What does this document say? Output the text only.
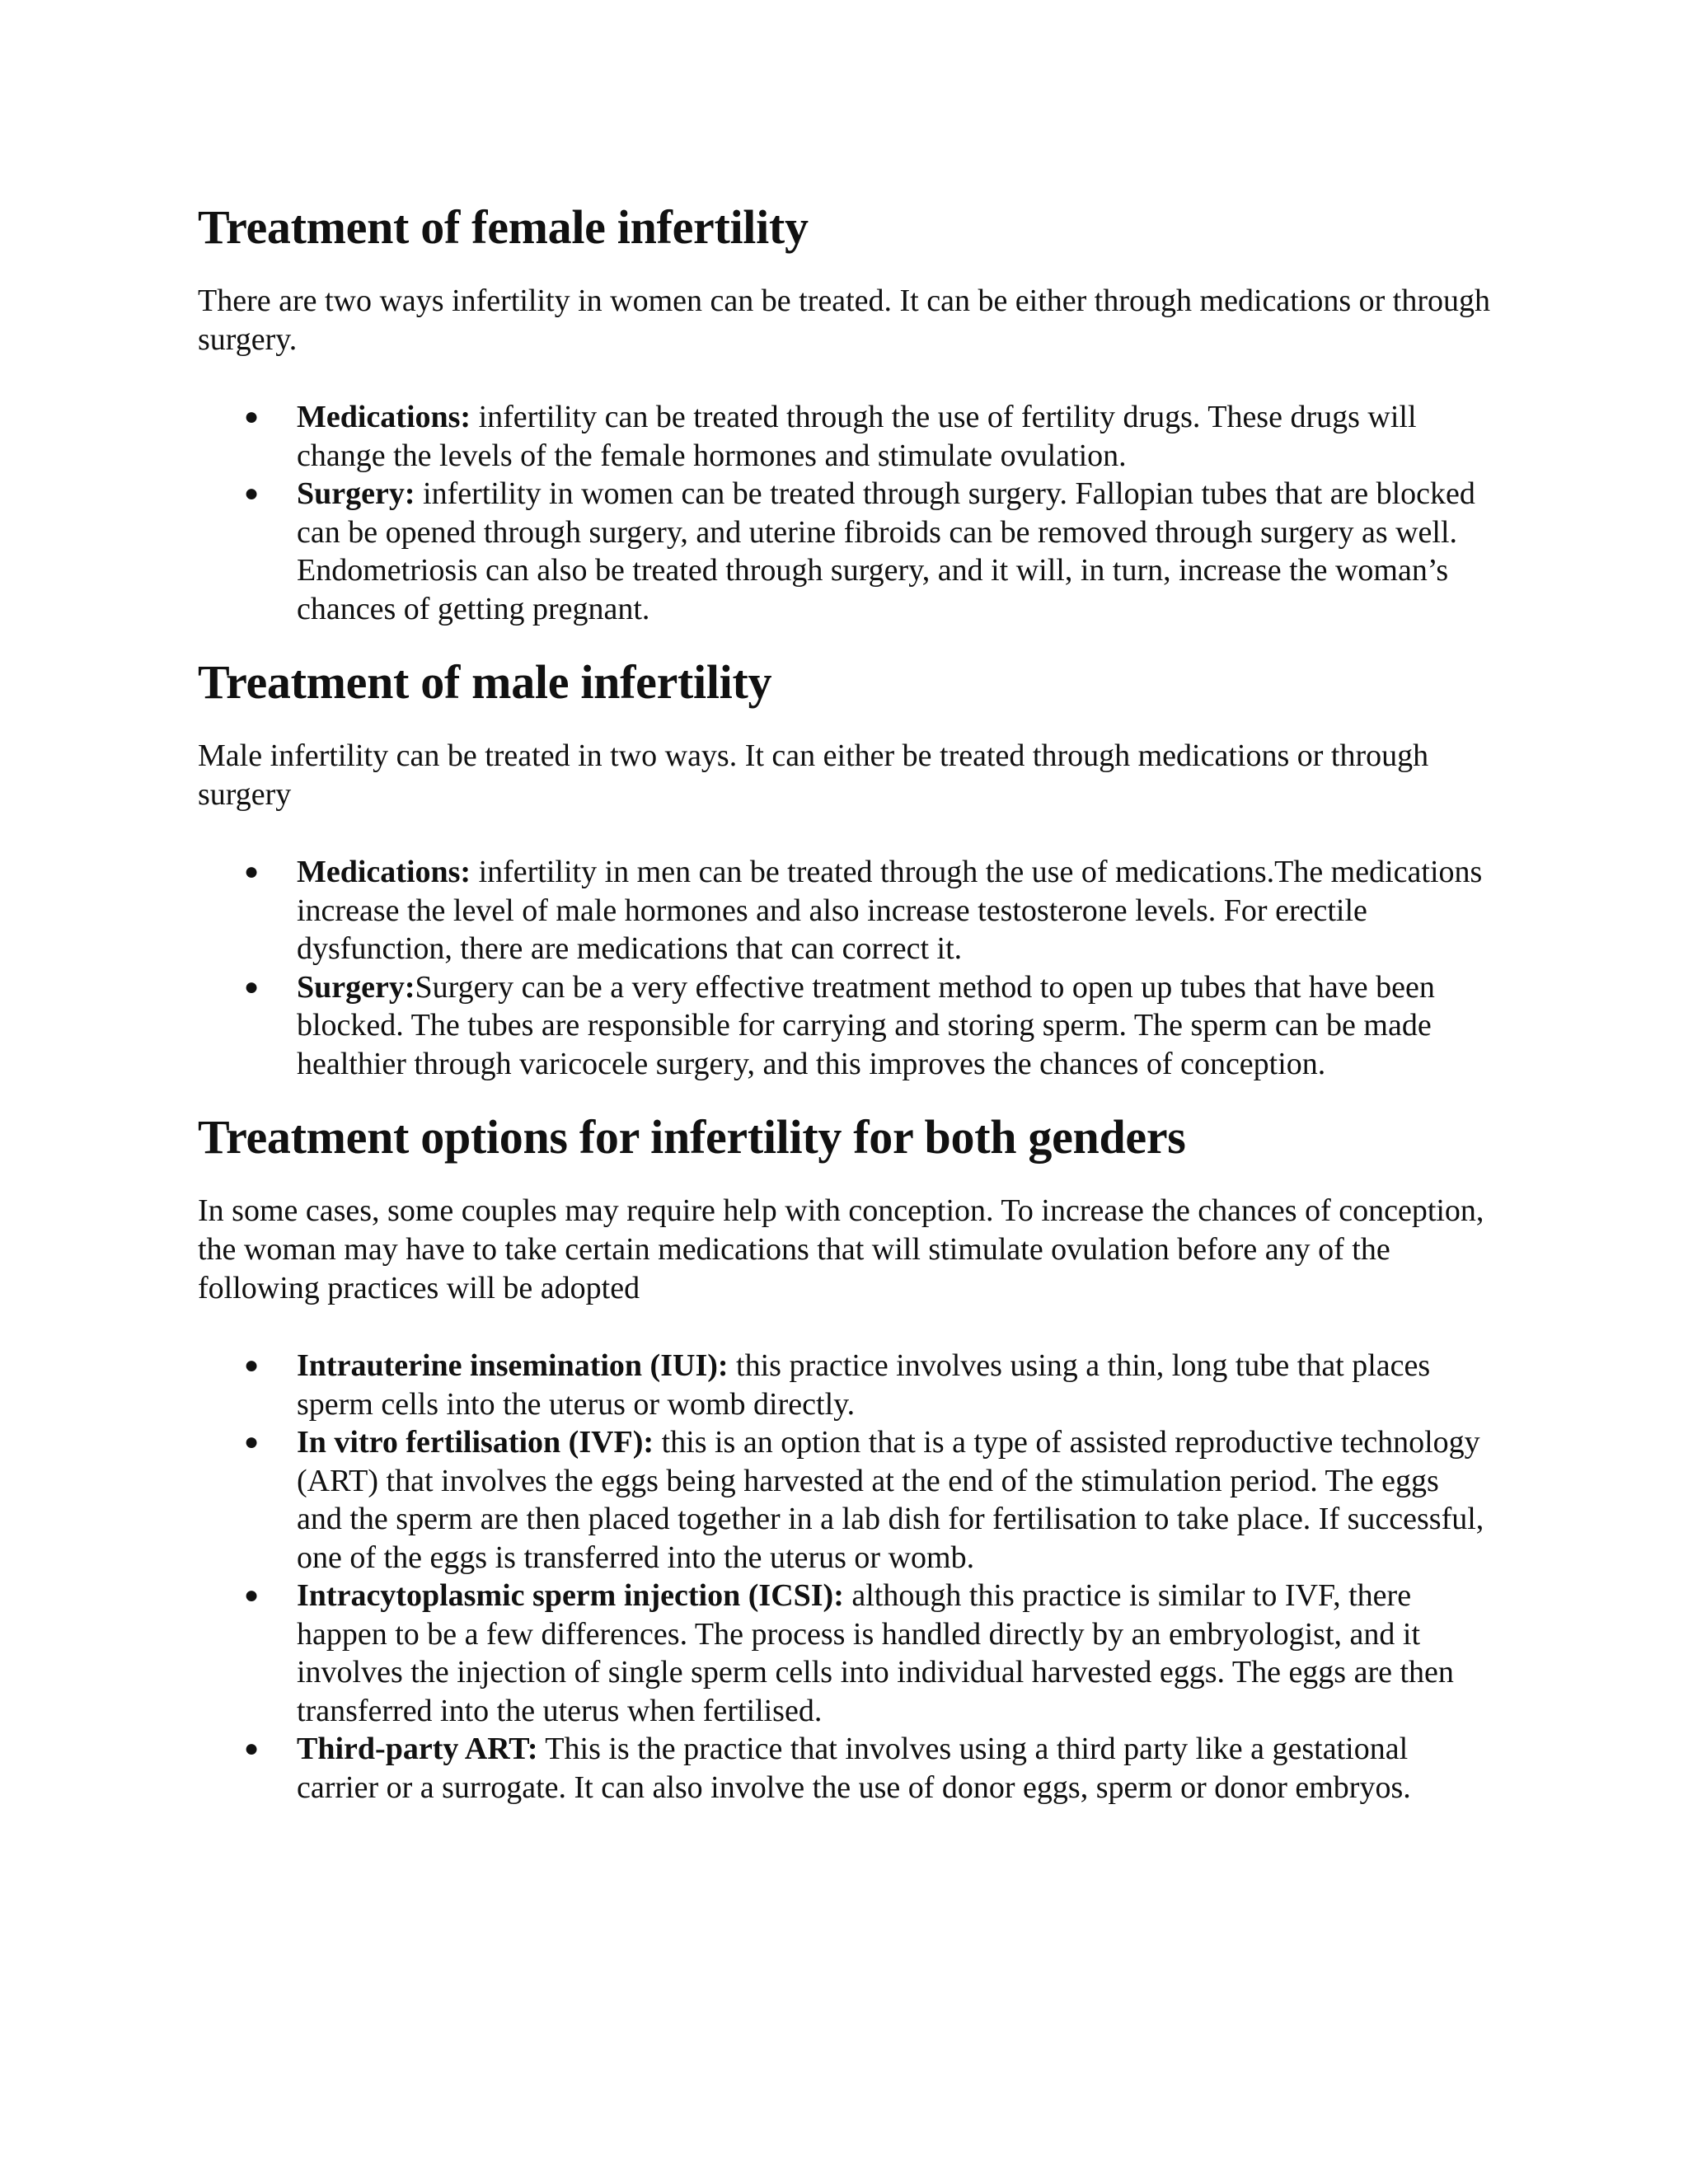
Treatment of female infertility

There are two ways infertility in women can be treated. It can be either through medications or through surgery.

● Medications: infertility can be treated through the use of fertility drugs. These drugs will change the levels of the female hormones and stimulate ovulation.
● Surgery: infertility in women can be treated through surgery. Fallopian tubes that are blocked can be opened through surgery, and uterine fibroids can be removed through surgery as well. Endometriosis can also be treated through surgery, and it will, in turn, increase the woman’s chances of getting pregnant.
Treatment of male infertility

Male infertility can be treated in two ways. It can either be treated through medications or through surgery

● Medications: infertility in men can be treated through the use of medications.The medications increase the level of male hormones and also increase testosterone levels. For erectile dysfunction, there are medications that can correct it.
● Surgery:Surgery can be a very effective treatment method to open up tubes that have been blocked. The tubes are responsible for carrying and storing sperm. The sperm can be made healthier through varicocele surgery, and this improves the chances of conception.
Treatment options for infertility for both genders

In some cases, some couples may require help with conception. To increase the chances of conception, the woman may have to take certain medications that will stimulate ovulation before any of the following practices will be adopted

● Intrauterine insemination (IUI): this practice involves using a thin, long tube that places sperm cells into the uterus or womb directly.
● In vitro fertilisation (IVF): this is an option that is a type of assisted reproductive technology (ART) that involves the eggs being harvested at the end of the stimulation period. The eggs and the sperm are then placed together in a lab dish for fertilisation to take place. If successful, one of the eggs is transferred into the uterus or womb.
● Intracytoplasmic sperm injection (ICSI): although this practice is similar to IVF, there happen to be a few differences. The process is handled directly by an embryologist, and it involves the injection of single sperm cells into individual harvested eggs. The eggs are then transferred into the uterus when fertilised.
● Third-party ART: This is the practice that involves using a third party like a gestational carrier or a surrogate. It can also involve the use of donor eggs, sperm or donor embryos.
